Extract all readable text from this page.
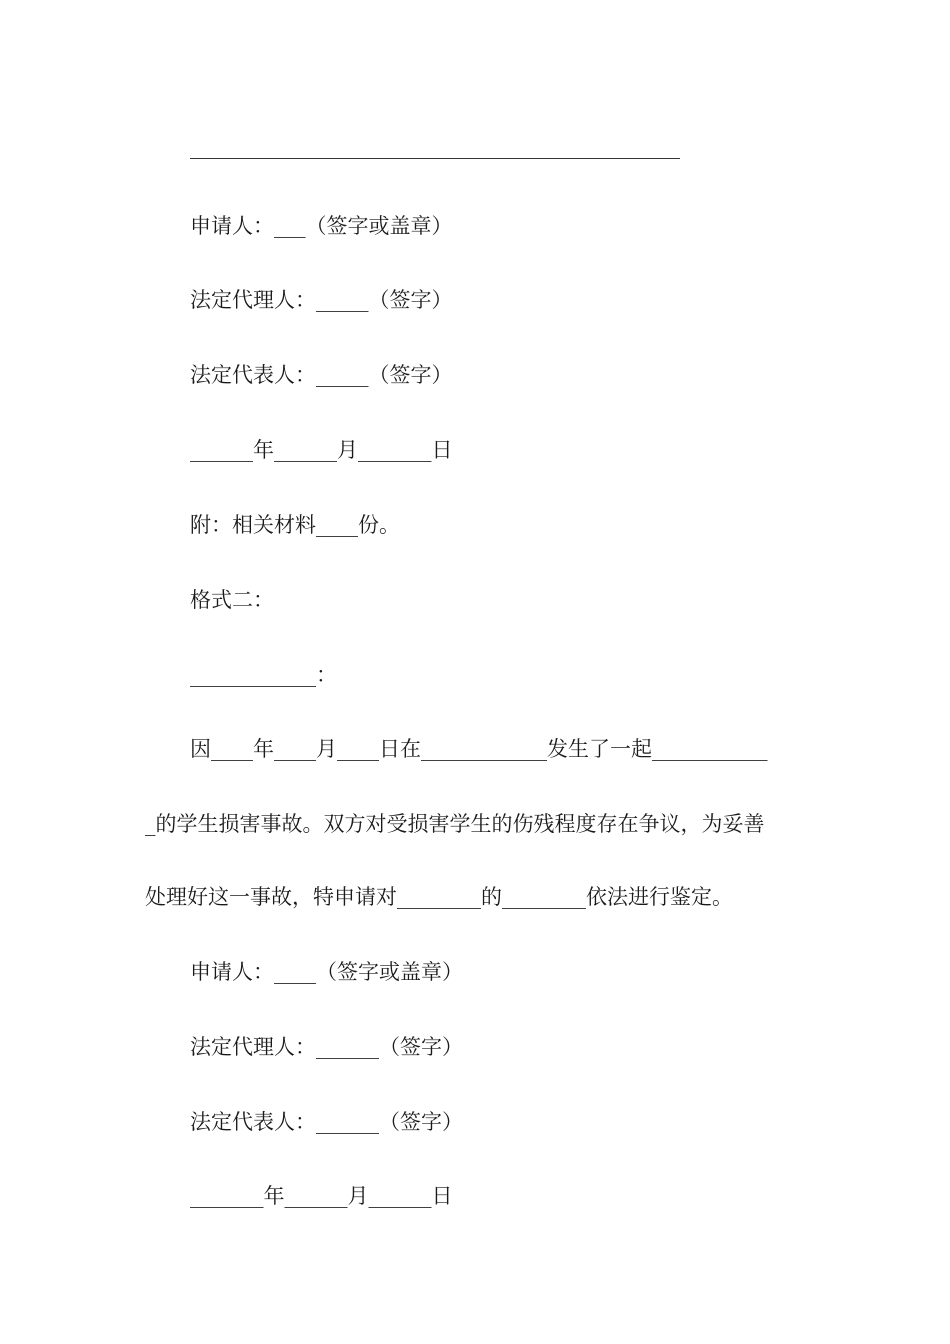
申请人：___（签字或盖章）

法定代理人：_____（签字）

法定代表人：_____（签字）

______年______月_______日

附：相关材料____份。

格式二：

____________：

因____年____月____日在____________发生了一起___________

_的学生损害事故。双方对受损害学生的伤残程度存在争议，为妥善

处理好这一事故，特申请对________的________依法进行鉴定。

申请人：____（签字或盖章）

法定代理人：______（签字）

法定代表人：______（签字）

_______年______月______日
